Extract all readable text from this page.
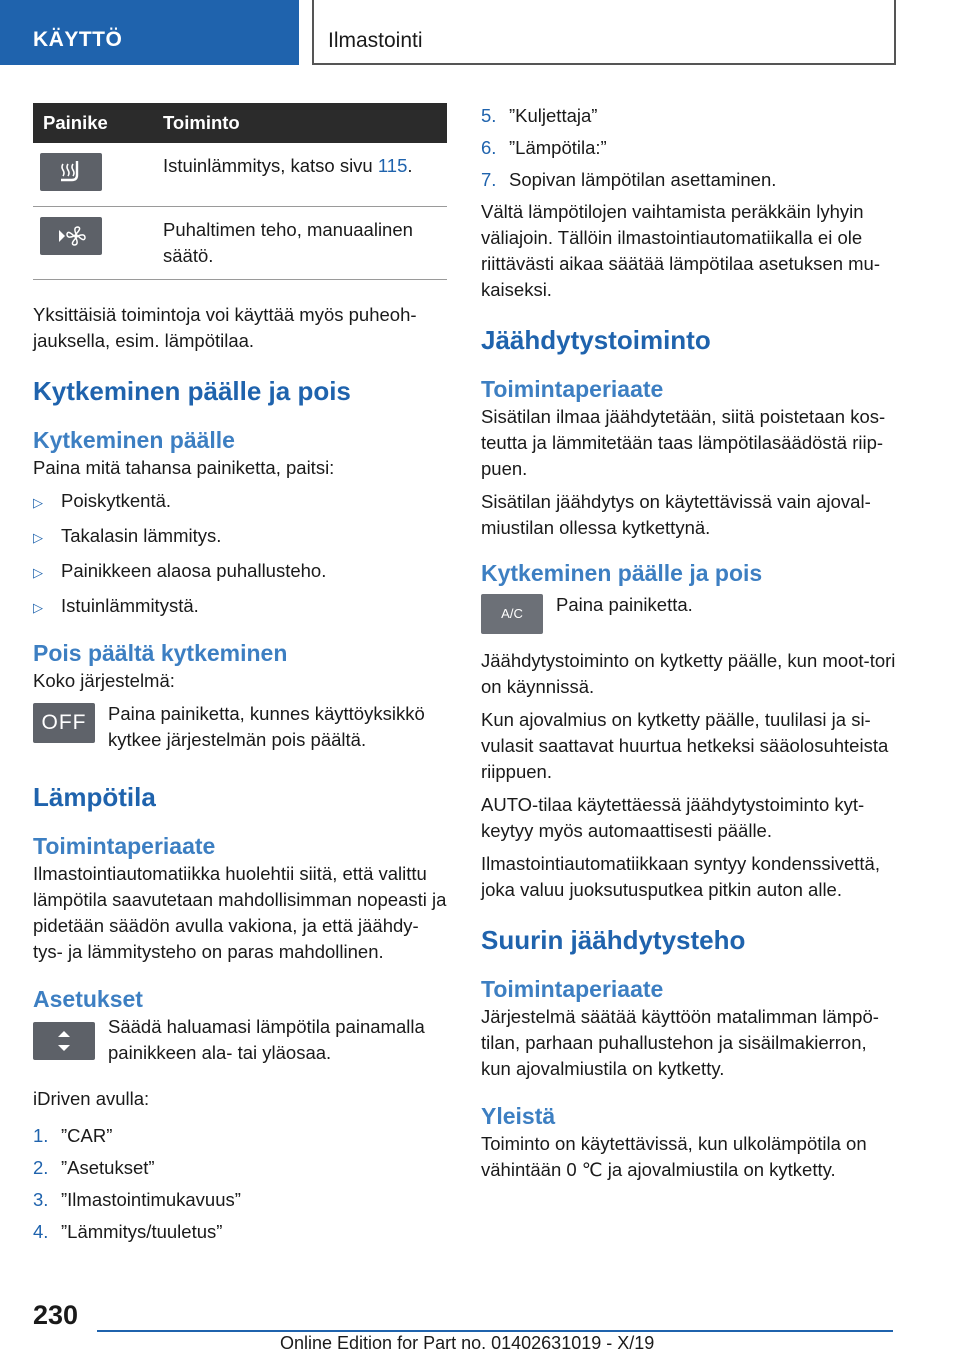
KÄYTTÖ	Ilmastointi
Painike	Toiminto

	Istuinlämmitys, katso sivu 115.

	Puhaltimen teho, manuaalinen säätö.

Yksittäisiä toimintoja voi käyttää myös puheoh-jauksella, esim. lämpötilaa.

Kytkeminen päälle ja pois
Kytkeminen päälle

Paina mitä tahansa painiketta, paitsi:

▷ Poiskytkentä.
▷ Takalasin lämmitys.
▷ Painikkeen alaosa puhallusteho.
▷ Istuinlämmitystä.
Pois päältä kytkeminen

Koko järjestelmä:

OFF	Paina painiketta, kunnes käyttöyksikkö kytkee järjestelmän pois päältä.
Lämpötila
Toimintaperiaate

Ilmastointiautomatiikka huolehtii siitä, että valittu lämpötila saavutetaan mahdollisimman nopeasti ja pidetään säädön avulla vakiona, ja että jäähdy-tys- ja lämmitysteho on paras mahdollinen.

Asetukset
Säädä haluamasi lämpötila painamalla painikkeen ala- tai yläosaa.

iDriven avulla:

1. ”CAR”
2. ”Asetukset”
3. ”Ilmastointimukavuus”
4. ”Lämmitys/tuuletus”
5. ”Kuljettaja”
6. ”Lämpötila:”
7. Sopivan lämpötilan asettaminen.

Vältä lämpötilojen vaihtamista peräkkäin lyhyin väliajoin. Tällöin ilmastointiautomatiikalla ei ole riittävästi aikaa säätää lämpötilaa asetuksen mu-kaiseksi.

Jäähdytystoiminto
Toimintaperiaate

Sisätilan ilmaa jäähdytetään, siitä poistetaan kos-teutta ja lämmitetään taas lämpötilasäädöstä riip-puen.

Sisätilan jäähdytys on käytettävissä vain ajoval-miustilan ollessa kytkettynä.

Kytkeminen päälle ja pois
A/C	Paina painiketta.

Jäähdytystoiminto on kytketty päälle, kun moot-tori on käynnissä.

Kun ajovalmius on kytketty päälle, tuulilasi ja si-vulasit saattavat huurtua hetkeksi sääolosuhteista riippuen.

AUTO-tilaa käytettäessä jäähdytystoiminto kyt-keytyy myös automaattisesti päälle.

Ilmastointiautomatiikkaan syntyy kondenssivettä, joka valuu juoksutusputkea pitkin auton alle.

Suurin jäähdytysteho
Toimintaperiaate

Järjestelmä säätää käyttöön matalimman lämpö-tilan, parhaan puhallustehon ja sisäilmakierron, kun ajovalmiustila on kytketty.

Yleistä

Toiminto on käytettävissä, kun ulkolämpötila on vähintään 0 ℃ ja ajovalmiustila on kytketty.

230
Online Edition for Part no. 01402631019 - X/19
